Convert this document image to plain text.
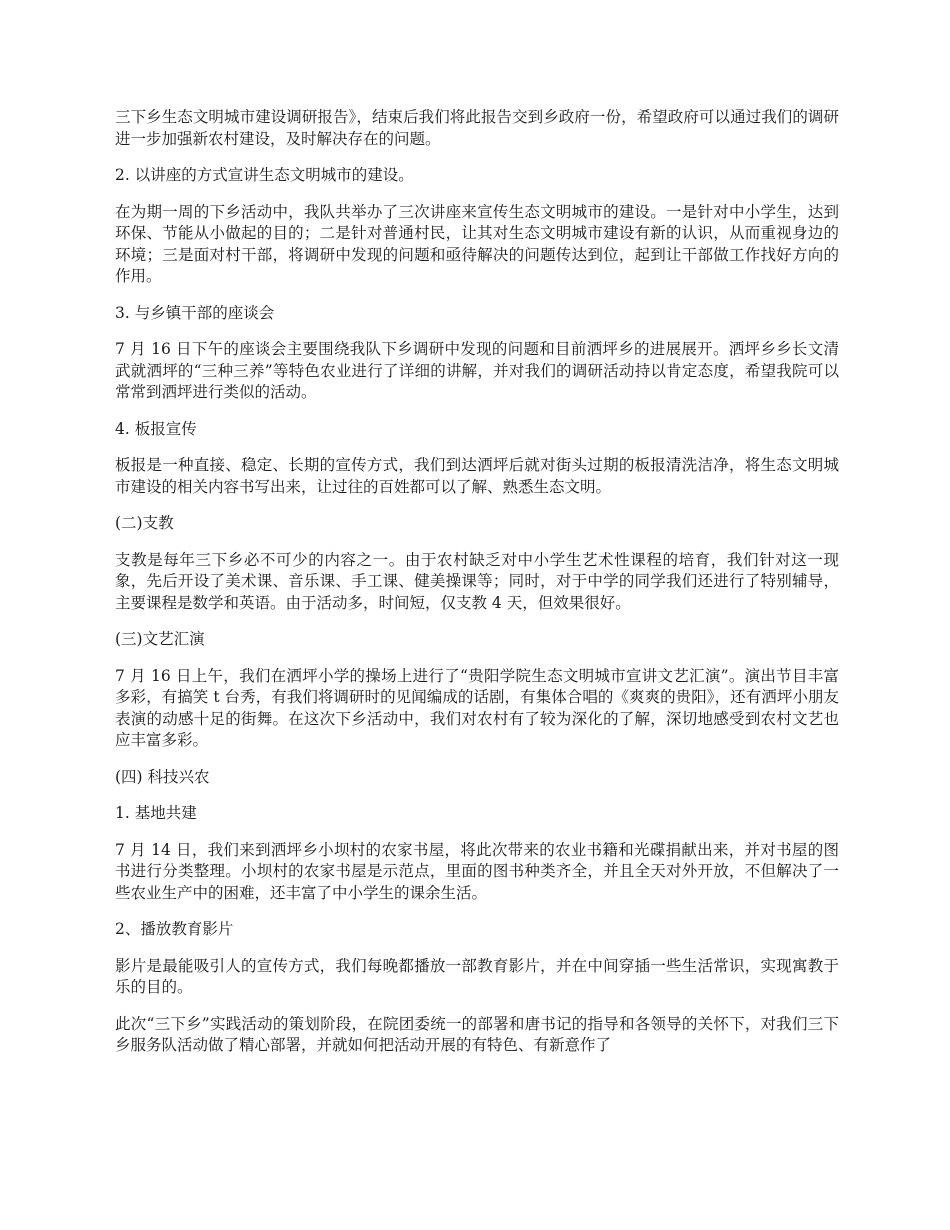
三下乡生态文明城市建设调研报告》，结束后我们将此报告交到乡政府一份，希望政府可以通过我们的调研进一步加强新农村建设，及时解决存在的问题。

2. 以讲座的方式宣讲生态文明城市的建设。

在为期一周的下乡活动中，我队共举办了三次讲座来宣传生态文明城市的建设。一是针对中小学生，达到环保、节能从小做起的目的；二是针对普通村民，让其对生态文明城市建设有新的认识，从而重视身边的环境；三是面对村干部，将调研中发现的问题和亟待解决的问题传达到位，起到让干部做工作找好方向的作用。

3. 与乡镇干部的座谈会

7 月 16 日下午的座谈会主要围绕我队下乡调研中发现的问题和目前洒坪乡的进展展开。洒坪乡乡长文清武就洒坪的“三种三养”等特色农业进行了详细的讲解，并对我们的调研活动持以肯定态度，希望我院可以常常到洒坪进行类似的活动。

4. 板报宣传

板报是一种直接、稳定、长期的宣传方式，我们到达洒坪后就对街头过期的板报清洗洁净，将生态文明城市建设的相关内容书写出来，让过往的百姓都可以了解、熟悉生态文明。

(二)支教

支教是每年三下乡必不可少的内容之一。由于农村缺乏对中小学生艺术性课程的培育，我们针对这一现象，先后开设了美术课、音乐课、手工课、健美操课等；同时，对于中学的同学我们还进行了特别辅导，主要课程是数学和英语。由于活动多，时间短，仅支教 4 天，但效果很好。

(三)文艺汇演

7 月 16 日上午，我们在洒坪小学的操场上进行了“贵阳学院生态文明城市宣讲文艺汇演”。演出节目丰富多彩，有搞笑 t 台秀，有我们将调研时的见闻编成的话剧，有集体合唱的《爽爽的贵阳》，还有洒坪小朋友表演的动感十足的街舞。在这次下乡活动中，我们对农村有了较为深化的了解，深切地感受到农村文艺也应丰富多彩。

(四) 科技兴农

1. 基地共建

7 月 14 日，我们来到洒坪乡小坝村的农家书屋，将此次带来的农业书籍和光碟捐献出来，并对书屋的图书进行分类整理。小坝村的农家书屋是示范点，里面的图书种类齐全，并且全天对外开放，不但解决了一些农业生产中的困难，还丰富了中小学生的课余生活。

2、播放教育影片

影片是最能吸引人的宣传方式，我们每晚都播放一部教育影片，并在中间穿插一些生活常识，实现寓教于乐的目的。

此次“三下乡”实践活动的策划阶段，在院团委统一的部署和唐书记的指导和各领导的关怀下，对我们三下乡服务队活动做了精心部署，并就如何把活动开展的有特色、有新意作了
